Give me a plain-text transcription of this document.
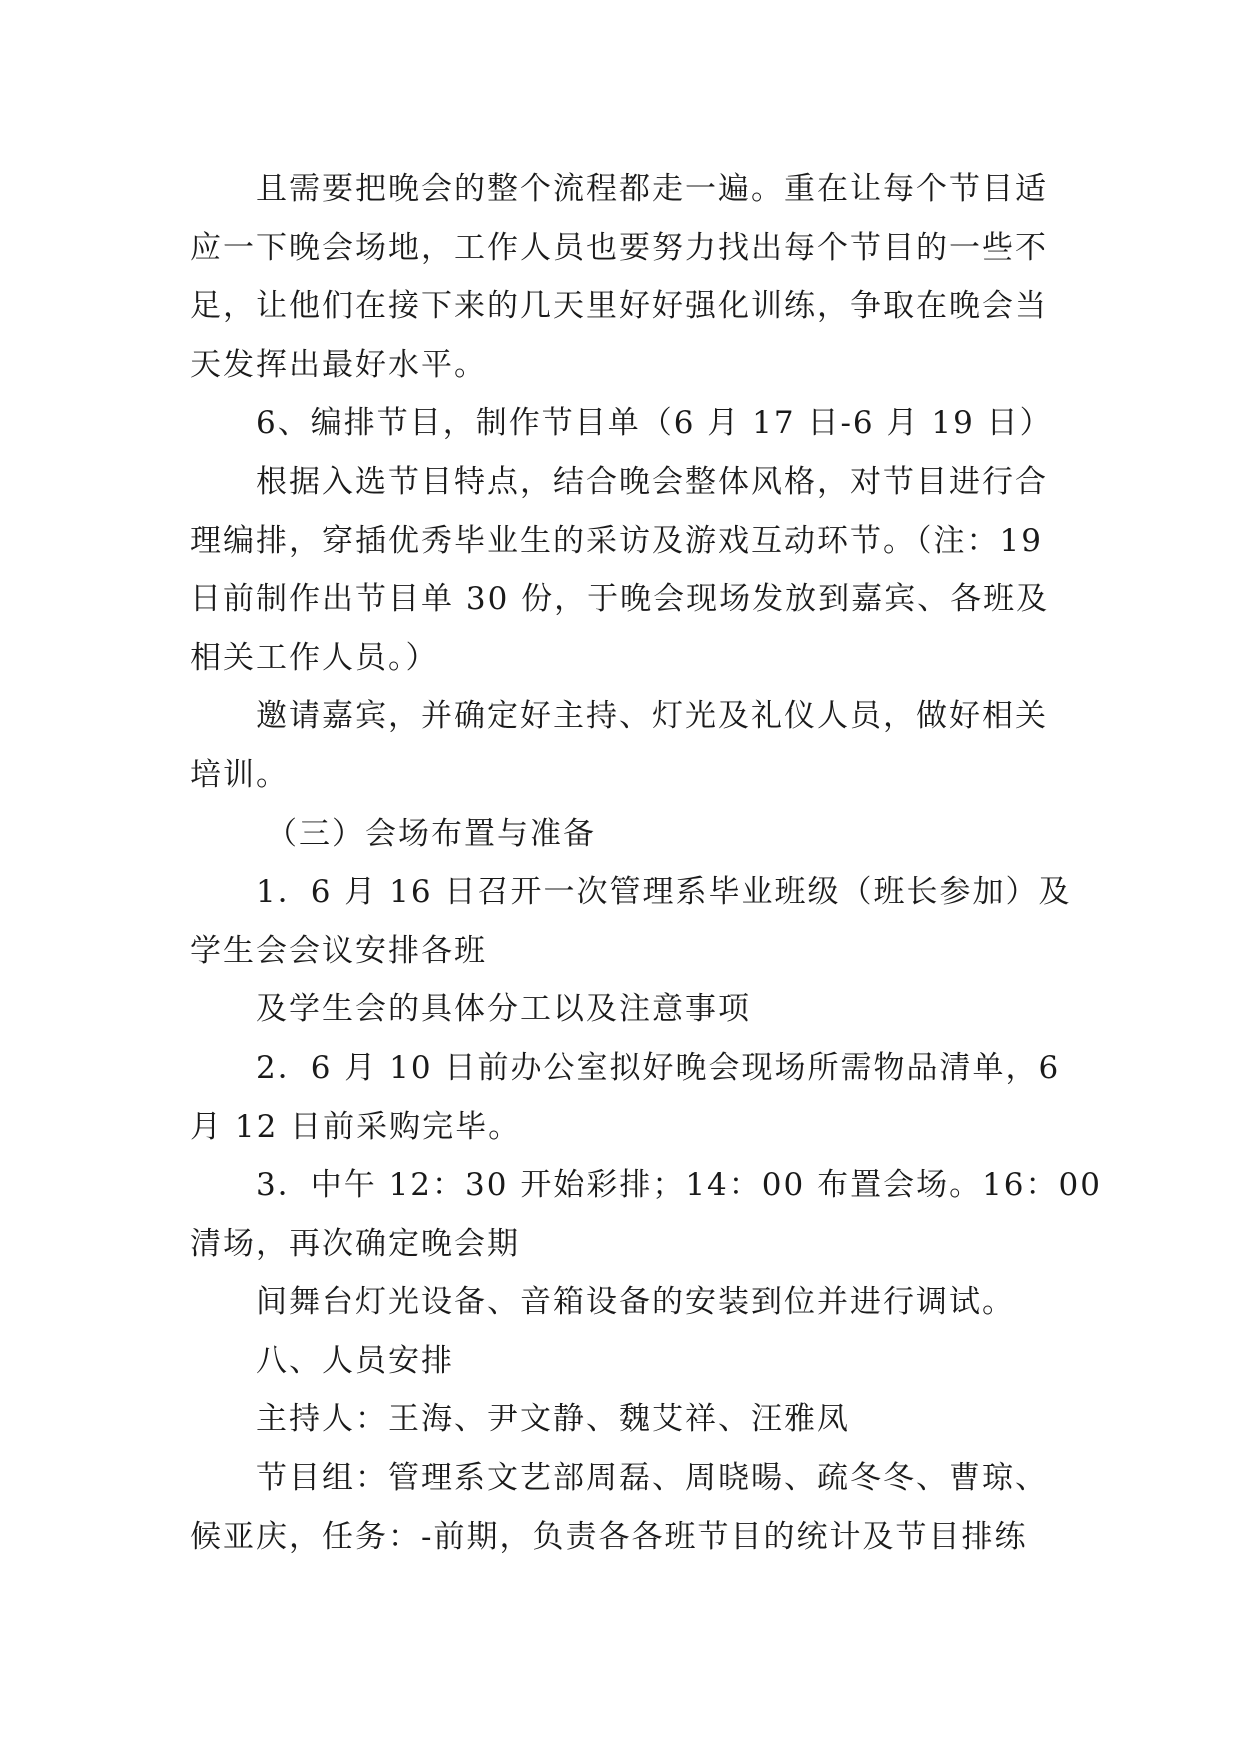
且需要把晚会的整个流程都走一遍。重在让每个节目适
应一下晚会场地，工作人员也要努力找出每个节目的一些不
足，让他们在接下来的几天里好好强化训练，争取在晚会当
天发挥出最好水平。
6、编排节目，制作节目单（6 月 17 日-6 月 19 日）
根据入选节目特点，结合晚会整体风格，对节目进行合
理编排，穿插优秀毕业生的采访及游戏互动环节。（注：19
日前制作出节目单 30 份，于晚会现场发放到嘉宾、各班及
相关工作人员。）
邀请嘉宾，并确定好主持、灯光及礼仪人员，做好相关
培训。
（三）会场布置与准备
1．6 月 16 日召开一次管理系毕业班级（班长参加）及
学生会会议安排各班
及学生会的具体分工以及注意事项
2．6 月 10 日前办公室拟好晚会现场所需物品清单，6
月 12 日前采购完毕。
3．中午 12：30 开始彩排；14：00 布置会场。16：00
清场，再次确定晚会期
间舞台灯光设备、音箱设备的安装到位并进行调试。
八、人员安排
主持人：王海、尹文静、魏艾祥、汪雅凤
节目组：管理系文艺部周磊、周晓暘、疏冬冬、曹琼、
候亚庆，任务：-前期，负责各各班节目的统计及节目排练
